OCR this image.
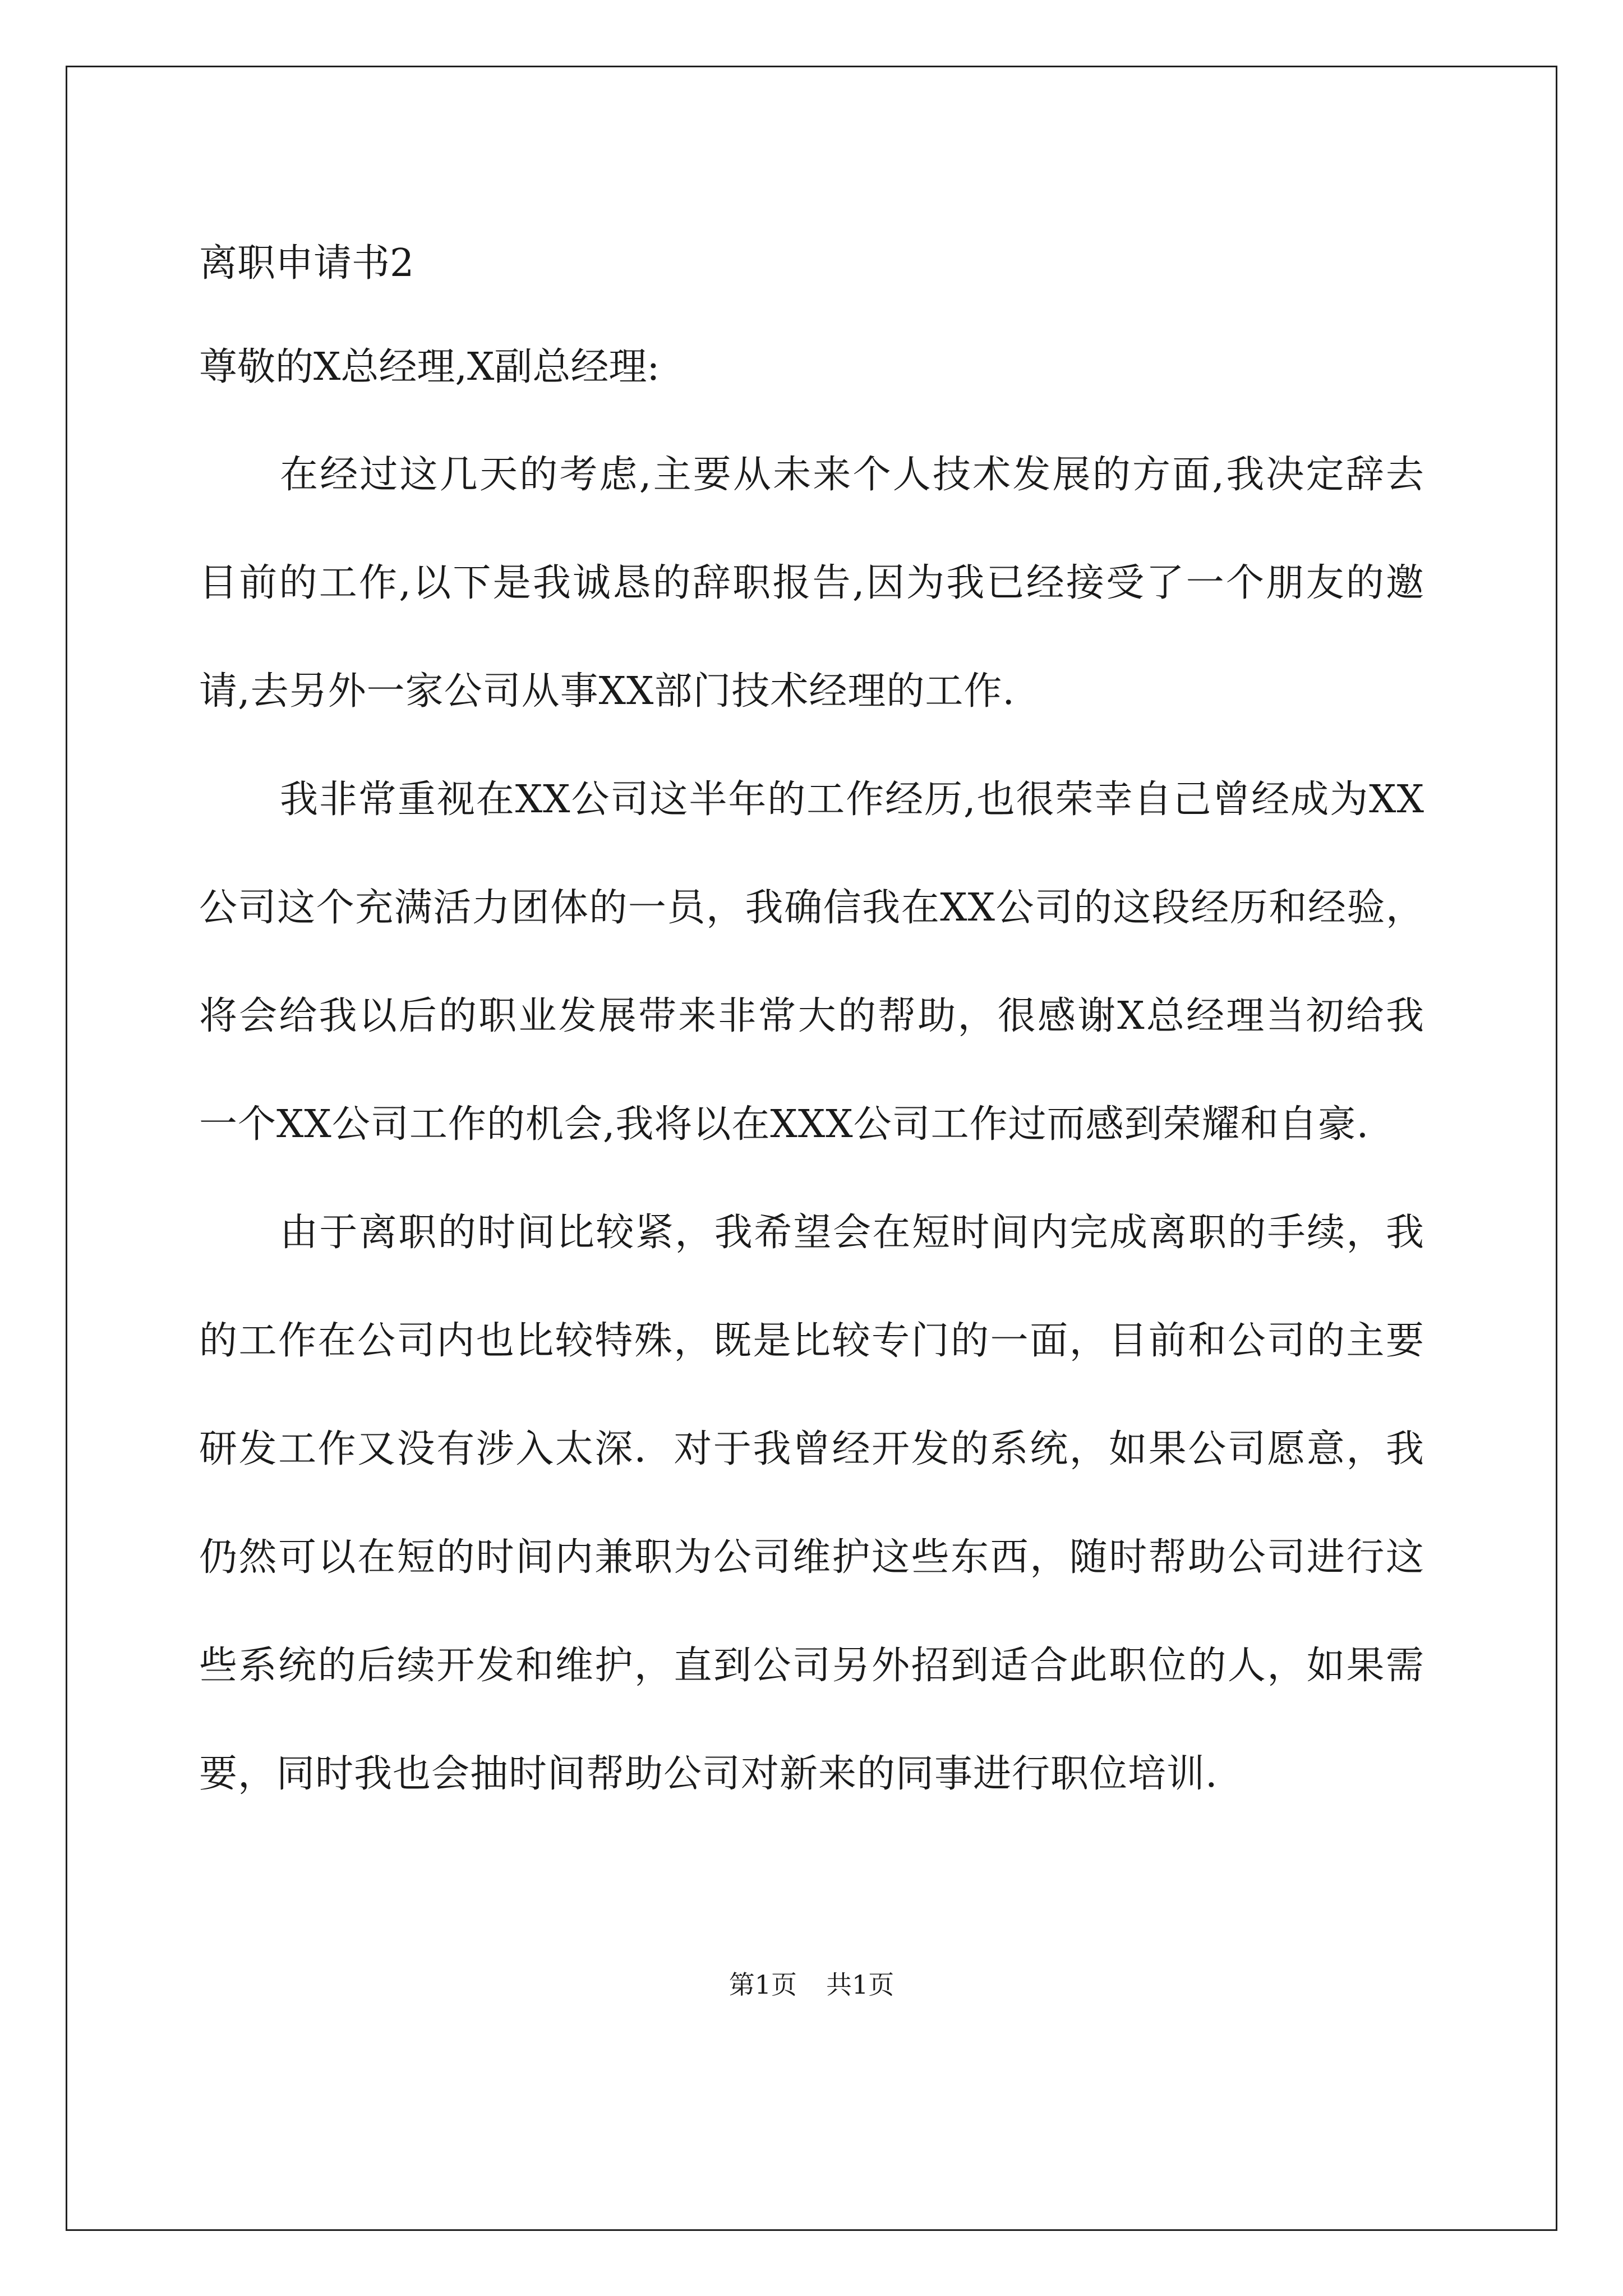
离职申请书2

尊敬的X总经理,X副总经理:

在经过这几天的考虑,主要从未来个人技术发展的方面,我决定辞去目前的工作,以下是我诚恳的辞职报告,因为我已经接受了一个朋友的邀请,去另外一家公司从事XX部门技术经理的工作.

我非常重视在XX公司这半年的工作经历,也很荣幸自己曾经成为XX公司这个充满活力团体的一员，我确信我在XX公司的这段经历和经验，将会给我以后的职业发展带来非常大的帮助，很感谢X总经理当初给我一个XX公司工作的机会,我将以在XXX公司工作过而感到荣耀和自豪.

由于离职的时间比较紧，我希望会在短时间内完成离职的手续，我的工作在公司内也比较特殊，既是比较专门的一面，目前和公司的主要研发工作又没有涉入太深．对于我曾经开发的系统，如果公司愿意，我仍然可以在短的时间内兼职为公司维护这些东西，随时帮助公司进行这些系统的后续开发和维护，直到公司另外招到适合此职位的人，如果需要，同时我也会抽时间帮助公司对新来的同事进行职位培训.

第1页 共1页
